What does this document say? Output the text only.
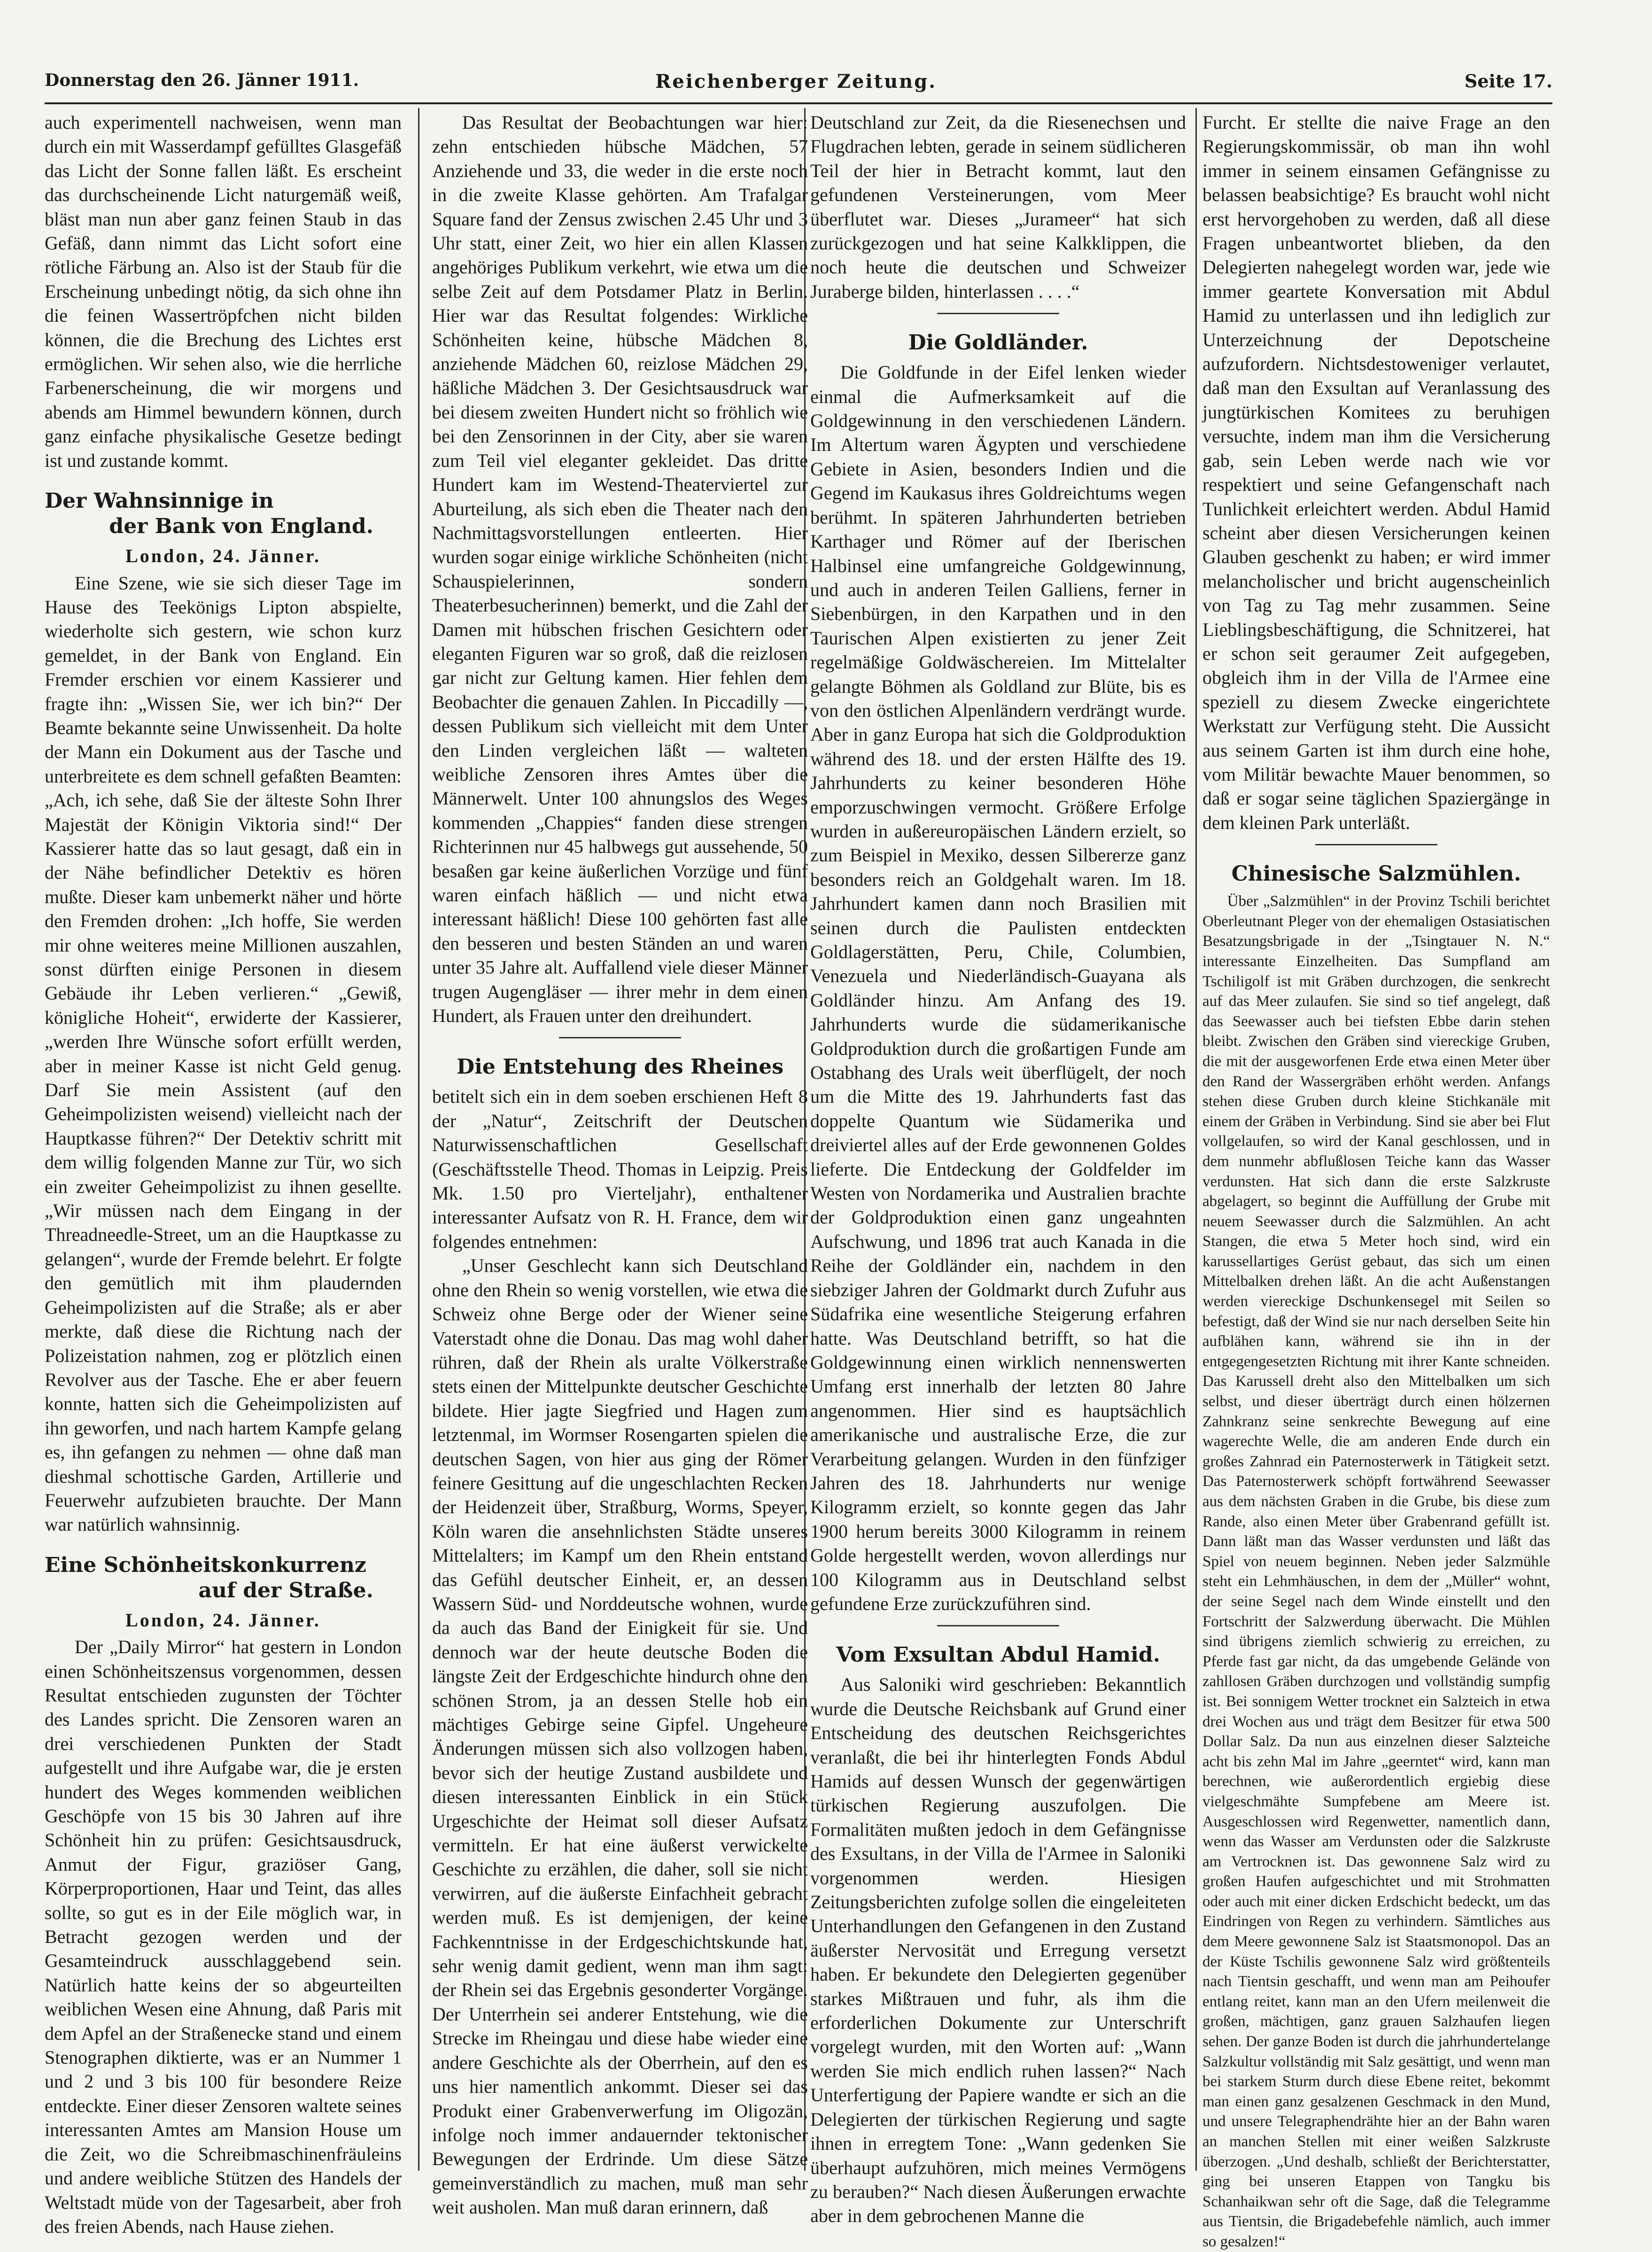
Donnerstag den 26. Jänner 1911.	Reichenberger Zeitung.	Seite 17.

auch experimentell nachweisen, wenn man durch ein mit Wasserdampf gefülltes Glasgefäß das Licht der Sonne fallen läßt. Es erscheint das durchscheinende Licht naturgemäß weiß, bläst man nun aber ganz feinen Staub in das Gefäß, dann nimmt das Licht sofort eine rötliche Färbung an. Also ist der Staub für die Erscheinung unbedingt nötig, da sich ohne ihn die feinen Wassertröpfchen nicht bilden können, die die Brechung des Lichtes erst ermöglichen. Wir sehen also, wie die herrliche Farbenerscheinung, die wir morgens und abends am Himmel bewundern können, durch ganz einfache physikalische Gesetze bedingt ist und zustande kommt.

Der Wahnsinnige in
der Bank von England.

London, 24. Jänner.

Eine Szene, wie sie sich dieser Tage im Hause des Teekönigs Lipton abspielte, wiederholte sich gestern, wie schon kurz gemeldet, in der Bank von England. Ein Fremder erschien vor einem Kassierer und fragte ihn: „Wissen Sie, wer ich bin?“ Der Beamte bekannte seine Unwissenheit. Da holte der Mann ein Dokument aus der Tasche und unterbreitete es dem schnell gefaßten Beamten: „Ach, ich sehe, daß Sie der älteste Sohn Ihrer Majestät der Königin Viktoria sind!“ Der Kassierer hatte das so laut gesagt, daß ein in der Nähe befindlicher Detektiv es hören mußte. Dieser kam unbemerkt näher und hörte den Fremden drohen: „Ich hoffe, Sie werden mir ohne weiteres meine Millionen auszahlen, sonst dürften einige Personen in diesem Gebäude ihr Leben verlieren.“ „Gewiß, königliche Hoheit“, erwiderte der Kassierer, „werden Ihre Wünsche sofort erfüllt werden, aber in meiner Kasse ist nicht Geld genug. Darf Sie mein Assistent (auf den Geheimpolizisten weisend) vielleicht nach der Hauptkasse führen?“ Der Detektiv schritt mit dem willig folgenden Manne zur Tür, wo sich ein zweiter Geheimpolizist zu ihnen gesellte. „Wir müssen nach dem Eingang in der Threadneedle-Street, um an die Hauptkasse zu gelangen“, wurde der Fremde belehrt. Er folgte den gemütlich mit ihm plaudernden Geheimpolizisten auf die Straße; als er aber merkte, daß diese die Richtung nach der Polizeistation nahmen, zog er plötzlich einen Revolver aus der Tasche. Ehe er aber feuern konnte, hatten sich die Geheimpolizisten auf ihn geworfen, und nach hartem Kampfe gelang es, ihn gefangen zu nehmen — ohne daß man dieshmal schottische Garden, Artillerie und Feuerwehr aufzubieten brauchte. Der Mann war natürlich wahnsinnig.

Eine Schönheitskonkurrenz
auf der Straße.

London, 24. Jänner.

Der „Daily Mirror“ hat gestern in London einen Schönheitszensus vorgenommen, dessen Resultat entschieden zugunsten der Töchter des Landes spricht. Die Zensoren waren an drei verschiedenen Punkten der Stadt aufgestellt und ihre Aufgabe war, die je ersten hundert des Weges kommenden weiblichen Geschöpfe von 15 bis 30 Jahren auf ihre Schönheit hin zu prüfen: Gesichtsausdruck, Anmut der Figur, graziöser Gang, Körperproportionen, Haar und Teint, das alles sollte, so gut es in der Eile möglich war, in Betracht gezogen werden und der Gesamteindruck ausschlaggebend sein. Natürlich hatte keins der so abgeurteilten weiblichen Wesen eine Ahnung, daß Paris mit dem Apfel an der Straßenecke stand und einem Stenographen diktierte, was er an Nummer 1 und 2 und 3 bis 100 für besondere Reize entdeckte. Einer dieser Zensoren waltete seines interessanten Amtes am Mansion House um die Zeit, wo die Schreibmaschinenfräuleins und andere weibliche Stützen des Handels der Weltstadt müde von der Tagesarbeit, aber froh des freien Abends, nach Hause ziehen.

Das Resultat der Beobachtungen war hier: zehn entschieden hübsche Mädchen, 57 Anziehende und 33, die weder in die erste noch in die zweite Klasse gehörten. Am Trafalgar Square fand der Zensus zwischen 2.45 Uhr und 3 Uhr statt, einer Zeit, wo hier ein allen Klassen angehöriges Publikum verkehrt, wie etwa um die selbe Zeit auf dem Potsdamer Platz in Berlin. Hier war das Resultat folgendes: Wirkliche Schönheiten keine, hübsche Mädchen 8, anziehende Mädchen 60, reizlose Mädchen 29, häßliche Mädchen 3. Der Gesichtsausdruck war bei diesem zweiten Hundert nicht so fröhlich wie bei den Zensorinnen in der City, aber sie waren zum Teil viel eleganter gekleidet. Das dritte Hundert kam im Westend-Theaterviertel zur Aburteilung, als sich eben die Theater nach den Nachmittagsvorstellungen entleerten. Hier wurden sogar einige wirkliche Schönheiten (nicht Schauspielerinnen, sondern Theaterbesucherinnen) bemerkt, und die Zahl der Damen mit hübschen frischen Gesichtern oder eleganten Figuren war so groß, daß die reizlosen gar nicht zur Geltung kamen. Hier fehlen dem Beobachter die genauen Zahlen. In Piccadilly —, dessen Publikum sich vielleicht mit dem Unter den Linden vergleichen läßt — walteten weibliche Zensoren ihres Amtes über die Männerwelt. Unter 100 ahnungslos des Weges kommenden „Chappies“ fanden diese strengen Richterinnen nur 45 halbwegs gut aussehende, 50 besaßen gar keine äußerlichen Vorzüge und fünf waren einfach häßlich — und nicht etwa interessant häßlich! Diese 100 gehörten fast alle den besseren und besten Ständen an und waren unter 35 Jahre alt. Auffallend viele dieser Männer trugen Augengläser — ihrer mehr in dem einen Hundert, als Frauen unter den dreihundert.

Die Entstehung des Rheines

betitelt sich ein in dem soeben erschienen Heft 8 der „Natur“, Zeitschrift der Deutschen Naturwissenschaftlichen Gesellschaft (Geschäftsstelle Theod. Thomas in Leipzig. Preis Mk. 1.50 pro Vierteljahr), enthaltener interessanter Aufsatz von R. H. France, dem wir folgendes entnehmen:

„Unser Geschlecht kann sich Deutschland ohne den Rhein so wenig vorstellen, wie etwa die Schweiz ohne Berge oder der Wiener seine Vaterstadt ohne die Donau. Das mag wohl daher rühren, daß der Rhein als uralte Völkerstraße stets einen der Mittelpunkte deutscher Geschichte bildete. Hier jagte Siegfried und Hagen zum letztenmal, im Wormser Rosengarten spielen die deutschen Sagen, von hier aus ging der Römer feinere Gesittung auf die ungeschlachten Recken der Heidenzeit über, Straßburg, Worms, Speyer, Köln waren die ansehnlichsten Städte unseres Mittelalters; im Kampf um den Rhein entstand das Gefühl deutscher Einheit, er, an dessen Wassern Süd- und Norddeutsche wohnen, wurde da auch das Band der Einigkeit für sie. Und dennoch war der heute deutsche Boden die längste Zeit der Erdgeschichte hindurch ohne den schönen Strom, ja an dessen Stelle hob ein mächtiges Gebirge seine Gipfel. Ungeheure Änderungen müssen sich also vollzogen haben, bevor sich der heutige Zustand ausbildete und diesen interessanten Einblick in ein Stück Urgeschichte der Heimat soll dieser Aufsatz vermitteln. Er hat eine äußerst verwickelte Geschichte zu erzählen, die daher, soll sie nicht verwirren, auf die äußerste Einfachheit gebracht werden muß. Es ist demjenigen, der keine Fachkenntnisse in der Erdgeschichtskunde hat, sehr wenig damit gedient, wenn man ihm sagt: der Rhein sei das Ergebnis gesonderter Vorgänge. Der Unterrhein sei anderer Entstehung, wie die Strecke im Rheingau und diese habe wieder eine andere Geschichte als der Oberrhein, auf den es uns hier namentlich ankommt. Dieser sei das Produkt einer Grabenverwerfung im Oligozän, infolge noch immer andauernder tektonischer Bewegungen der Erdrinde. Um diese Sätze gemeinverständlich zu machen, muß man sehr weit ausholen. Man muß daran erinnern, daß

Deutschland zur Zeit, da die Riesenechsen und Flugdrachen lebten, gerade in seinem südlicheren Teil der hier in Betracht kommt, laut den gefundenen Versteinerungen, vom Meer überflutet war. Dieses „Jurameer“ hat sich zurückgezogen und hat seine Kalkklippen, die noch heute die deutschen und Schweizer Juraberge bilden, hinterlassen . . . .“

Die Goldländer.

Die Goldfunde in der Eifel lenken wieder einmal die Aufmerksamkeit auf die Goldgewinnung in den verschiedenen Ländern. Im Altertum waren Ägypten und verschiedene Gebiete in Asien, besonders Indien und die Gegend im Kaukasus ihres Goldreichtums wegen berühmt. In späteren Jahrhunderten betrieben Karthager und Römer auf der Iberischen Halbinsel eine umfangreiche Goldgewinnung, und auch in anderen Teilen Galliens, ferner in Siebenbürgen, in den Karpathen und in den Taurischen Alpen existierten zu jener Zeit regelmäßige Goldwäschereien. Im Mittelalter gelangte Böhmen als Goldland zur Blüte, bis es von den östlichen Alpenländern verdrängt wurde. Aber in ganz Europa hat sich die Goldproduktion während des 18. und der ersten Hälfte des 19. Jahrhunderts zu keiner besonderen Höhe emporzuschwingen vermocht. Größere Erfolge wurden in außereuropäischen Ländern erzielt, so zum Beispiel in Mexiko, dessen Silbererze ganz besonders reich an Goldgehalt waren. Im 18. Jahrhundert kamen dann noch Brasilien mit seinen durch die Paulisten entdeckten Goldlagerstätten, Peru, Chile, Columbien, Venezuela und Niederländisch-Guayana als Goldländer hinzu. Am Anfang des 19. Jahrhunderts wurde die südamerikanische Goldproduktion durch die großartigen Funde am Ostabhang des Urals weit überflügelt, der noch um die Mitte des 19. Jahrhunderts fast das doppelte Quantum wie Südamerika und dreiviertel alles auf der Erde gewonnenen Goldes lieferte. Die Entdeckung der Goldfelder im Westen von Nordamerika und Australien brachte der Goldproduktion einen ganz ungeahnten Aufschwung, und 1896 trat auch Kanada in die Reihe der Goldländer ein, nachdem in den siebziger Jahren der Goldmarkt durch Zufuhr aus Südafrika eine wesentliche Steigerung erfahren hatte. Was Deutschland betrifft, so hat die Goldgewinnung einen wirklich nennenswerten Umfang erst innerhalb der letzten 80 Jahre angenommen. Hier sind es hauptsächlich amerikanische und australische Erze, die zur Verarbeitung gelangen. Wurden in den fünfziger Jahren des 18. Jahrhunderts nur wenige Kilogramm erzielt, so konnte gegen das Jahr 1900 herum bereits 3000 Kilogramm in reinem Golde hergestellt werden, wovon allerdings nur 100 Kilogramm aus in Deutschland selbst gefundene Erze zurückzuführen sind.

Vom Exsultan Abdul Hamid.

Aus Saloniki wird geschrieben: Bekanntlich wurde die Deutsche Reichsbank auf Grund einer Entscheidung des deutschen Reichsgerichtes veranlaßt, die bei ihr hinterlegten Fonds Abdul Hamids auf dessen Wunsch der gegenwärtigen türkischen Regierung auszufolgen. Die Formalitäten mußten jedoch in dem Gefängnisse des Exsultans, in der Villa de l'Armee in Saloniki vorgenommen werden. Hiesigen Zeitungsberichten zufolge sollen die eingeleiteten Unterhandlungen den Gefangenen in den Zustand äußerster Nervosität und Erregung versetzt haben. Er bekundete den Delegierten gegenüber starkes Mißtrauen und fuhr, als ihm die erforderlichen Dokumente zur Unterschrift vorgelegt wurden, mit den Worten auf: „Wann werden Sie mich endlich ruhen lassen?“ Nach Unterfertigung der Papiere wandte er sich an die Delegierten der türkischen Regierung und sagte ihnen in erregtem Tone: „Wann gedenken Sie überhaupt aufzuhören, mich meines Vermögens zu berauben?“ Nach diesen Äußerungen erwachte aber in dem gebrochenen Manne die

Furcht. Er stellte die naive Frage an den Regierungskommissär, ob man ihn wohl immer in seinem einsamen Gefängnisse zu belassen beabsichtige? Es braucht wohl nicht erst hervorgehoben zu werden, daß all diese Fragen unbeantwortet blieben, da den Delegierten nahegelegt worden war, jede wie immer geartete Konversation mit Abdul Hamid zu unterlassen und ihn lediglich zur Unterzeichnung der Depotscheine aufzufordern. Nichtsdestoweniger verlautet, daß man den Exsultan auf Veranlassung des jungtürkischen Komitees zu beruhigen versuchte, indem man ihm die Versicherung gab, sein Leben werde nach wie vor respektiert und seine Gefangenschaft nach Tunlichkeit erleichtert werden. Abdul Hamid scheint aber diesen Versicherungen keinen Glauben geschenkt zu haben; er wird immer melancholischer und bricht augenscheinlich von Tag zu Tag mehr zusammen. Seine Lieblingsbeschäftigung, die Schnitzerei, hat er schon seit geraumer Zeit aufgegeben, obgleich ihm in der Villa de l'Armee eine speziell zu diesem Zwecke eingerichtete Werkstatt zur Verfügung steht. Die Aussicht aus seinem Garten ist ihm durch eine hohe, vom Militär bewachte Mauer benommen, so daß er sogar seine täglichen Spaziergänge in dem kleinen Park unterläßt.

Chinesische Salzmühlen.

Über „Salzmühlen“ in der Provinz Tschili berichtet Oberleutnant Pleger von der ehemaligen Ostasiatischen Besatzungsbrigade in der „Tsingtauer N. N.“ interessante Einzelheiten. Das Sumpfland am Tschiligolf ist mit Gräben durchzogen, die senkrecht auf das Meer zulaufen. Sie sind so tief angelegt, daß das Seewasser auch bei tiefsten Ebbe darin stehen bleibt. Zwischen den Gräben sind viereckige Gruben, die mit der ausgeworfenen Erde etwa einen Meter über den Rand der Wassergräben erhöht werden. Anfangs stehen diese Gruben durch kleine Stichkanäle mit einem der Gräben in Verbindung. Sind sie aber bei Flut vollgelaufen, so wird der Kanal geschlossen, und in dem nunmehr abflußlosen Teiche kann das Wasser verdunsten. Hat sich dann die erste Salzkruste abgelagert, so beginnt die Auffüllung der Grube mit neuem Seewasser durch die Salzmühlen. An acht Stangen, die etwa 5 Meter hoch sind, wird ein karussellartiges Gerüst gebaut, das sich um einen Mittelbalken drehen läßt. An die acht Außenstangen werden viereckige Dschunkensegel mit Seilen so befestigt, daß der Wind sie nur nach derselben Seite hin aufblähen kann, während sie ihn in der entgegengesetzten Richtung mit ihrer Kante schneiden. Das Karussell dreht also den Mittelbalken um sich selbst, und dieser überträgt durch einen hölzernen Zahnkranz seine senkrechte Bewegung auf eine wagerechte Welle, die am anderen Ende durch ein großes Zahnrad ein Paternosterwerk in Tätigkeit setzt. Das Paternosterwerk schöpft fortwährend Seewasser aus dem nächsten Graben in die Grube, bis diese zum Rande, also einen Meter über Grabenrand gefüllt ist. Dann läßt man das Wasser verdunsten und läßt das Spiel von neuem beginnen. Neben jeder Salzmühle steht ein Lehmhäuschen, in dem der „Müller“ wohnt, der seine Segel nach dem Winde einstellt und den Fortschritt der Salzwerdung überwacht. Die Mühlen sind übrigens ziemlich schwierig zu erreichen, zu Pferde fast gar nicht, da das umgebende Gelände von zahllosen Gräben durchzogen und vollständig sumpfig ist. Bei sonnigem Wetter trocknet ein Salzteich in etwa drei Wochen aus und trägt dem Besitzer für etwa 500 Dollar Salz. Da nun aus einzelnen dieser Salzteiche acht bis zehn Mal im Jahre „geerntet“ wird, kann man berechnen, wie außerordentlich ergiebig diese vielgeschmähte Sumpfebene am Meere ist. Ausgeschlossen wird Regenwetter, namentlich dann, wenn das Wasser am Verdunsten oder die Salzkruste am Vertrocknen ist. Das gewonnene Salz wird zu großen Haufen aufgeschichtet und mit Strohmatten oder auch mit einer dicken Erdschicht bedeckt, um das Eindringen von Regen zu verhindern. Sämtliches aus dem Meere gewonnene Salz ist Staatsmonopol. Das an der Küste Tschilis gewonnene Salz wird größtenteils nach Tientsin geschafft, und wenn man am Peihoufer entlang reitet, kann man an den Ufern meilenweit die großen, mächtigen, ganz grauen Salzhaufen liegen sehen. Der ganze Boden ist durch die jahrhundertelange Salzkultur vollständig mit Salz gesättigt, und wenn man bei starkem Sturm durch diese Ebene reitet, bekommt man einen ganz gesalzenen Geschmack in den Mund, und unsere Telegraphendrähte hier an der Bahn waren an manchen Stellen mit einer weißen Salzkruste überzogen. „Und deshalb, schließt der Berichterstatter, ging bei unseren Etappen von Tangku bis Schanhaikwan sehr oft die Sage, daß die Telegramme aus Tientsin, die Brigadebefehle nämlich, auch immer so gesalzen!“
